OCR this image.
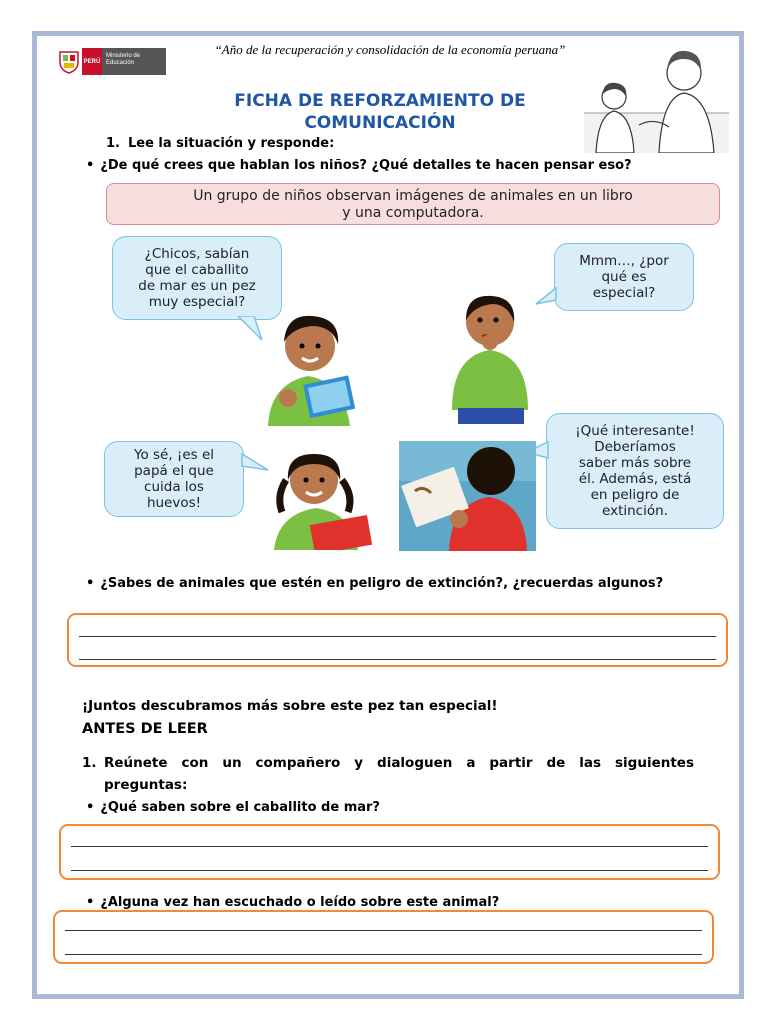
PERÚ
Ministerio de Educación
“Año de la recuperación y consolidación de la economía peruana”
FICHA DE REFORZAMIENTO DE
COMUNICACIÓN
1. Lee la situación y responde:
• ¿De qué crees que hablan los niños? ¿Qué detalles te hacen pensar eso?
Un grupo de niños observan imágenes de animales en un libro
y una computadora.
¿Chicos, sabían
que el caballito
de mar es un pez
muy especial?
Mmm…, ¿por
qué es
especial?
Yo sé, ¡es el
papá el que
cuida los
huevos!
¡Qué interesante!
Deberíamos
saber más sobre
él. Además, está
en peligro de
extinción.
• ¿Sabes de animales que estén en peligro de extinción?, ¿recuerdas algunos?
¡Juntos descubramos más sobre este pez tan especial!
ANTES DE LEER
1. Reúnete con un compañero y dialoguen a partir de las siguientes
preguntas:
• ¿Qué saben sobre el caballito de mar?
• ¿Alguna vez han escuchado o leído sobre este animal?
